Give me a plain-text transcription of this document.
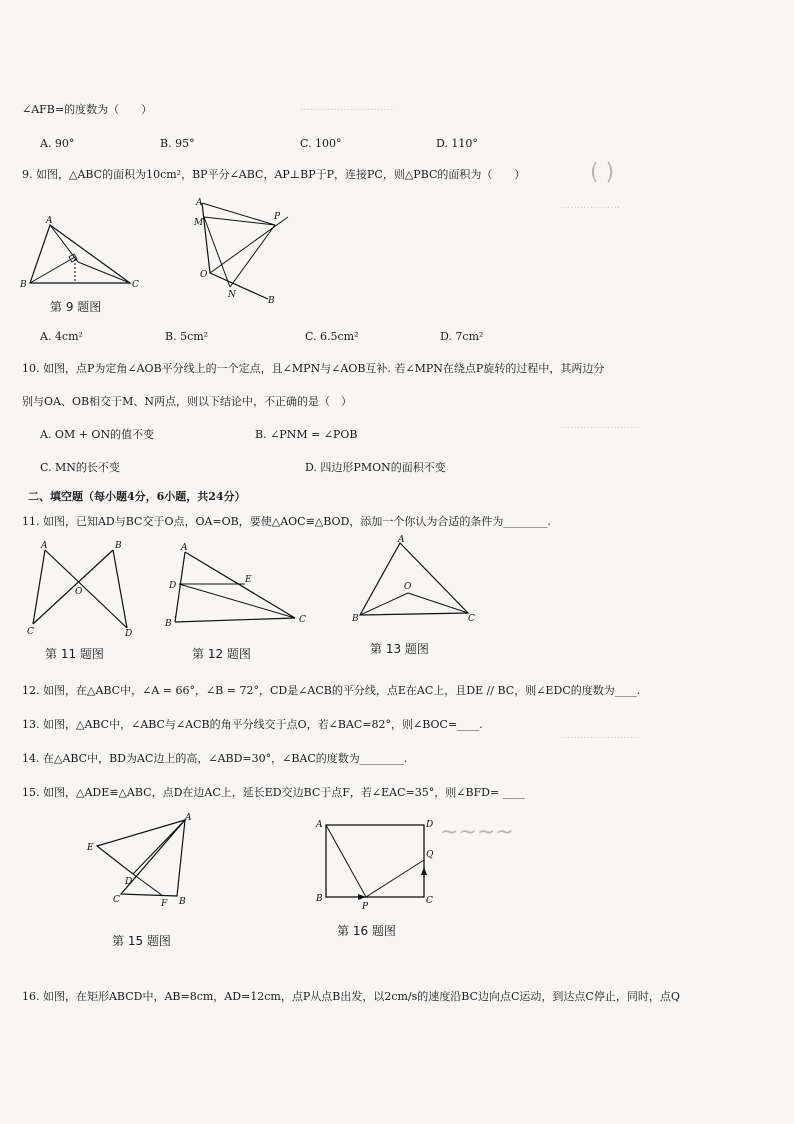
‥‥‥‥‥‥‥‥‥‥‥‥‥‥
‥‥‥‥‥‥‥‥‥
‥‥‥‥‥‥‥‥‥‥‥‥
‥‥‥‥‥‥‥‥‥‥‥‥
( )
~~~~
∠AFB=的度数为（　　）
A. 90°	B. 95°	C. 100°	D. 110°
9. 如图，△ABC的面积为10cm²，BP平分∠ABC，AP⊥BP于P，连接PC，则△PBC的面积为（　　）
A
B	C
A
M
P
O
N
B
第 9 题图
A. 4cm²	B. 5cm²	C. 6.5cm²	D. 7cm²
10. 如图，点P为定角∠AOB平分线上的一个定点，且∠MPN与∠AOB互补. 若∠MPN在绕点P旋转的过程中，其两边分
别与OA、OB相交于M、N两点，则以下结论中，不正确的是（　）
A. OM + ON的值不变	B. ∠PNM = ∠POB
C. MN的长不变	D. 四边形PMON的面积不变
二、填空题（每小题4分，6小题，共24分）
11. 如图，已知AD与BC交于O点，OA=OB，要使△AOC≌△BOD，添加一个你认为合适的条件为________.
A	B
O
C	D
第 11 题图
A
D
E
B	C
第 12 题图
A
O
B	C
第 13 题图
12. 如图，在△ABC中，∠A = 66°，∠B = 72°，CD是∠ACB的平分线，点E在AC上，且DE // BC，则∠EDC的度数为____.
13. 如图，△ABC中，∠ABC与∠ACB的角平分线交于点O，若∠BAC=82°，则∠BOC=____.
14. 在△ABC中，BD为AC边上的高，∠ABD=30°，∠BAC的度数为________.
15. 如图，△ADE≌△ABC，点D在边AC上，延长ED交边BC于点F，若∠EAC=35°，则∠BFD= ____
A
E
D
C	F B
第 15 题图
A	D
Q
B
P
C
第 16 题图
16. 如图，在矩形ABCD中，AB=8cm，AD=12cm，点P从点B出发，以2cm/s的速度沿BC边向点C运动，到达点C停止，同时，点Q
